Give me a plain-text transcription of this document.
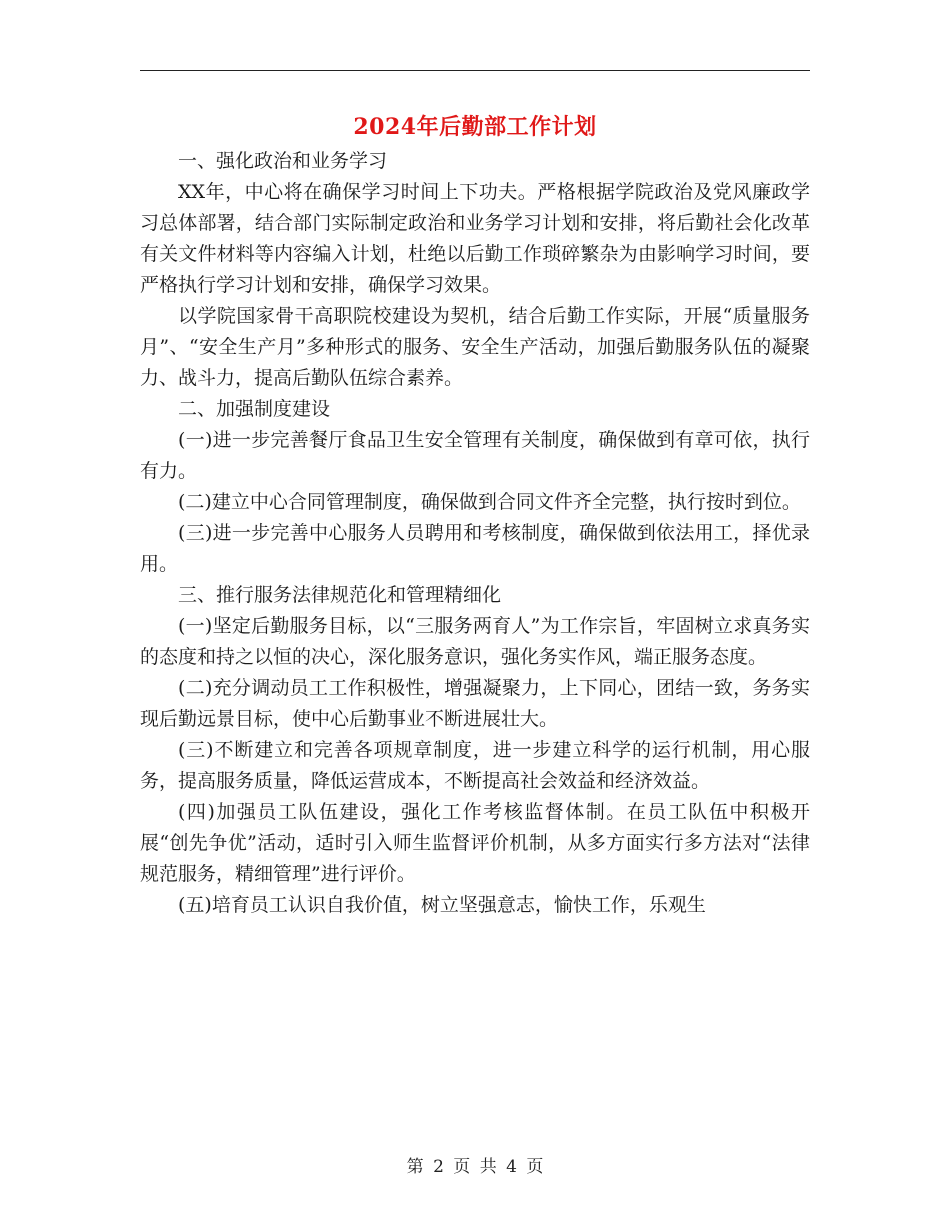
2024年后勤部工作计划

一、强化政治和业务学习

XX年，中心将在确保学习时间上下功夫。严格根据学院政治及党风廉政学习总体部署，结合部门实际制定政治和业务学习计划和安排，将后勤社会化改革有关文件材料等内容编入计划，杜绝以后勤工作琐碎繁杂为由影响学习时间，要严格执行学习计划和安排，确保学习效果。

以学院国家骨干高职院校建设为契机，结合后勤工作实际，开展“质量服务月”、“安全生产月”多种形式的服务、安全生产活动，加强后勤服务队伍的凝聚力、战斗力，提高后勤队伍综合素养。

二、加强制度建设

(一)进一步完善餐厅食品卫生安全管理有关制度，确保做到有章可依，执行有力。

(二)建立中心合同管理制度，确保做到合同文件齐全完整，执行按时到位。

(三)进一步完善中心服务人员聘用和考核制度，确保做到依法用工，择优录用。

三、推行服务法律规范化和管理精细化

(一)坚定后勤服务目标，以“三服务两育人”为工作宗旨，牢固树立求真务实的态度和持之以恒的决心，深化服务意识，强化务实作风，端正服务态度。

(二)充分调动员工工作积极性，增强凝聚力，上下同心，团结一致，务务实现后勤远景目标，使中心后勤事业不断进展壮大。

(三)不断建立和完善各项规章制度，进一步建立科学的运行机制，用心服务，提高服务质量，降低运营成本，不断提高社会效益和经济效益。

(四)加强员工队伍建设，强化工作考核监督体制。在员工队伍中积极开展“创先争优”活动，适时引入师生监督评价机制，从多方面实行多方法对“法律规范服务，精细管理”进行评价。

(五)培育员工认识自我价值，树立坚强意志，愉快工作，乐观生

第 2 页 共 4 页
